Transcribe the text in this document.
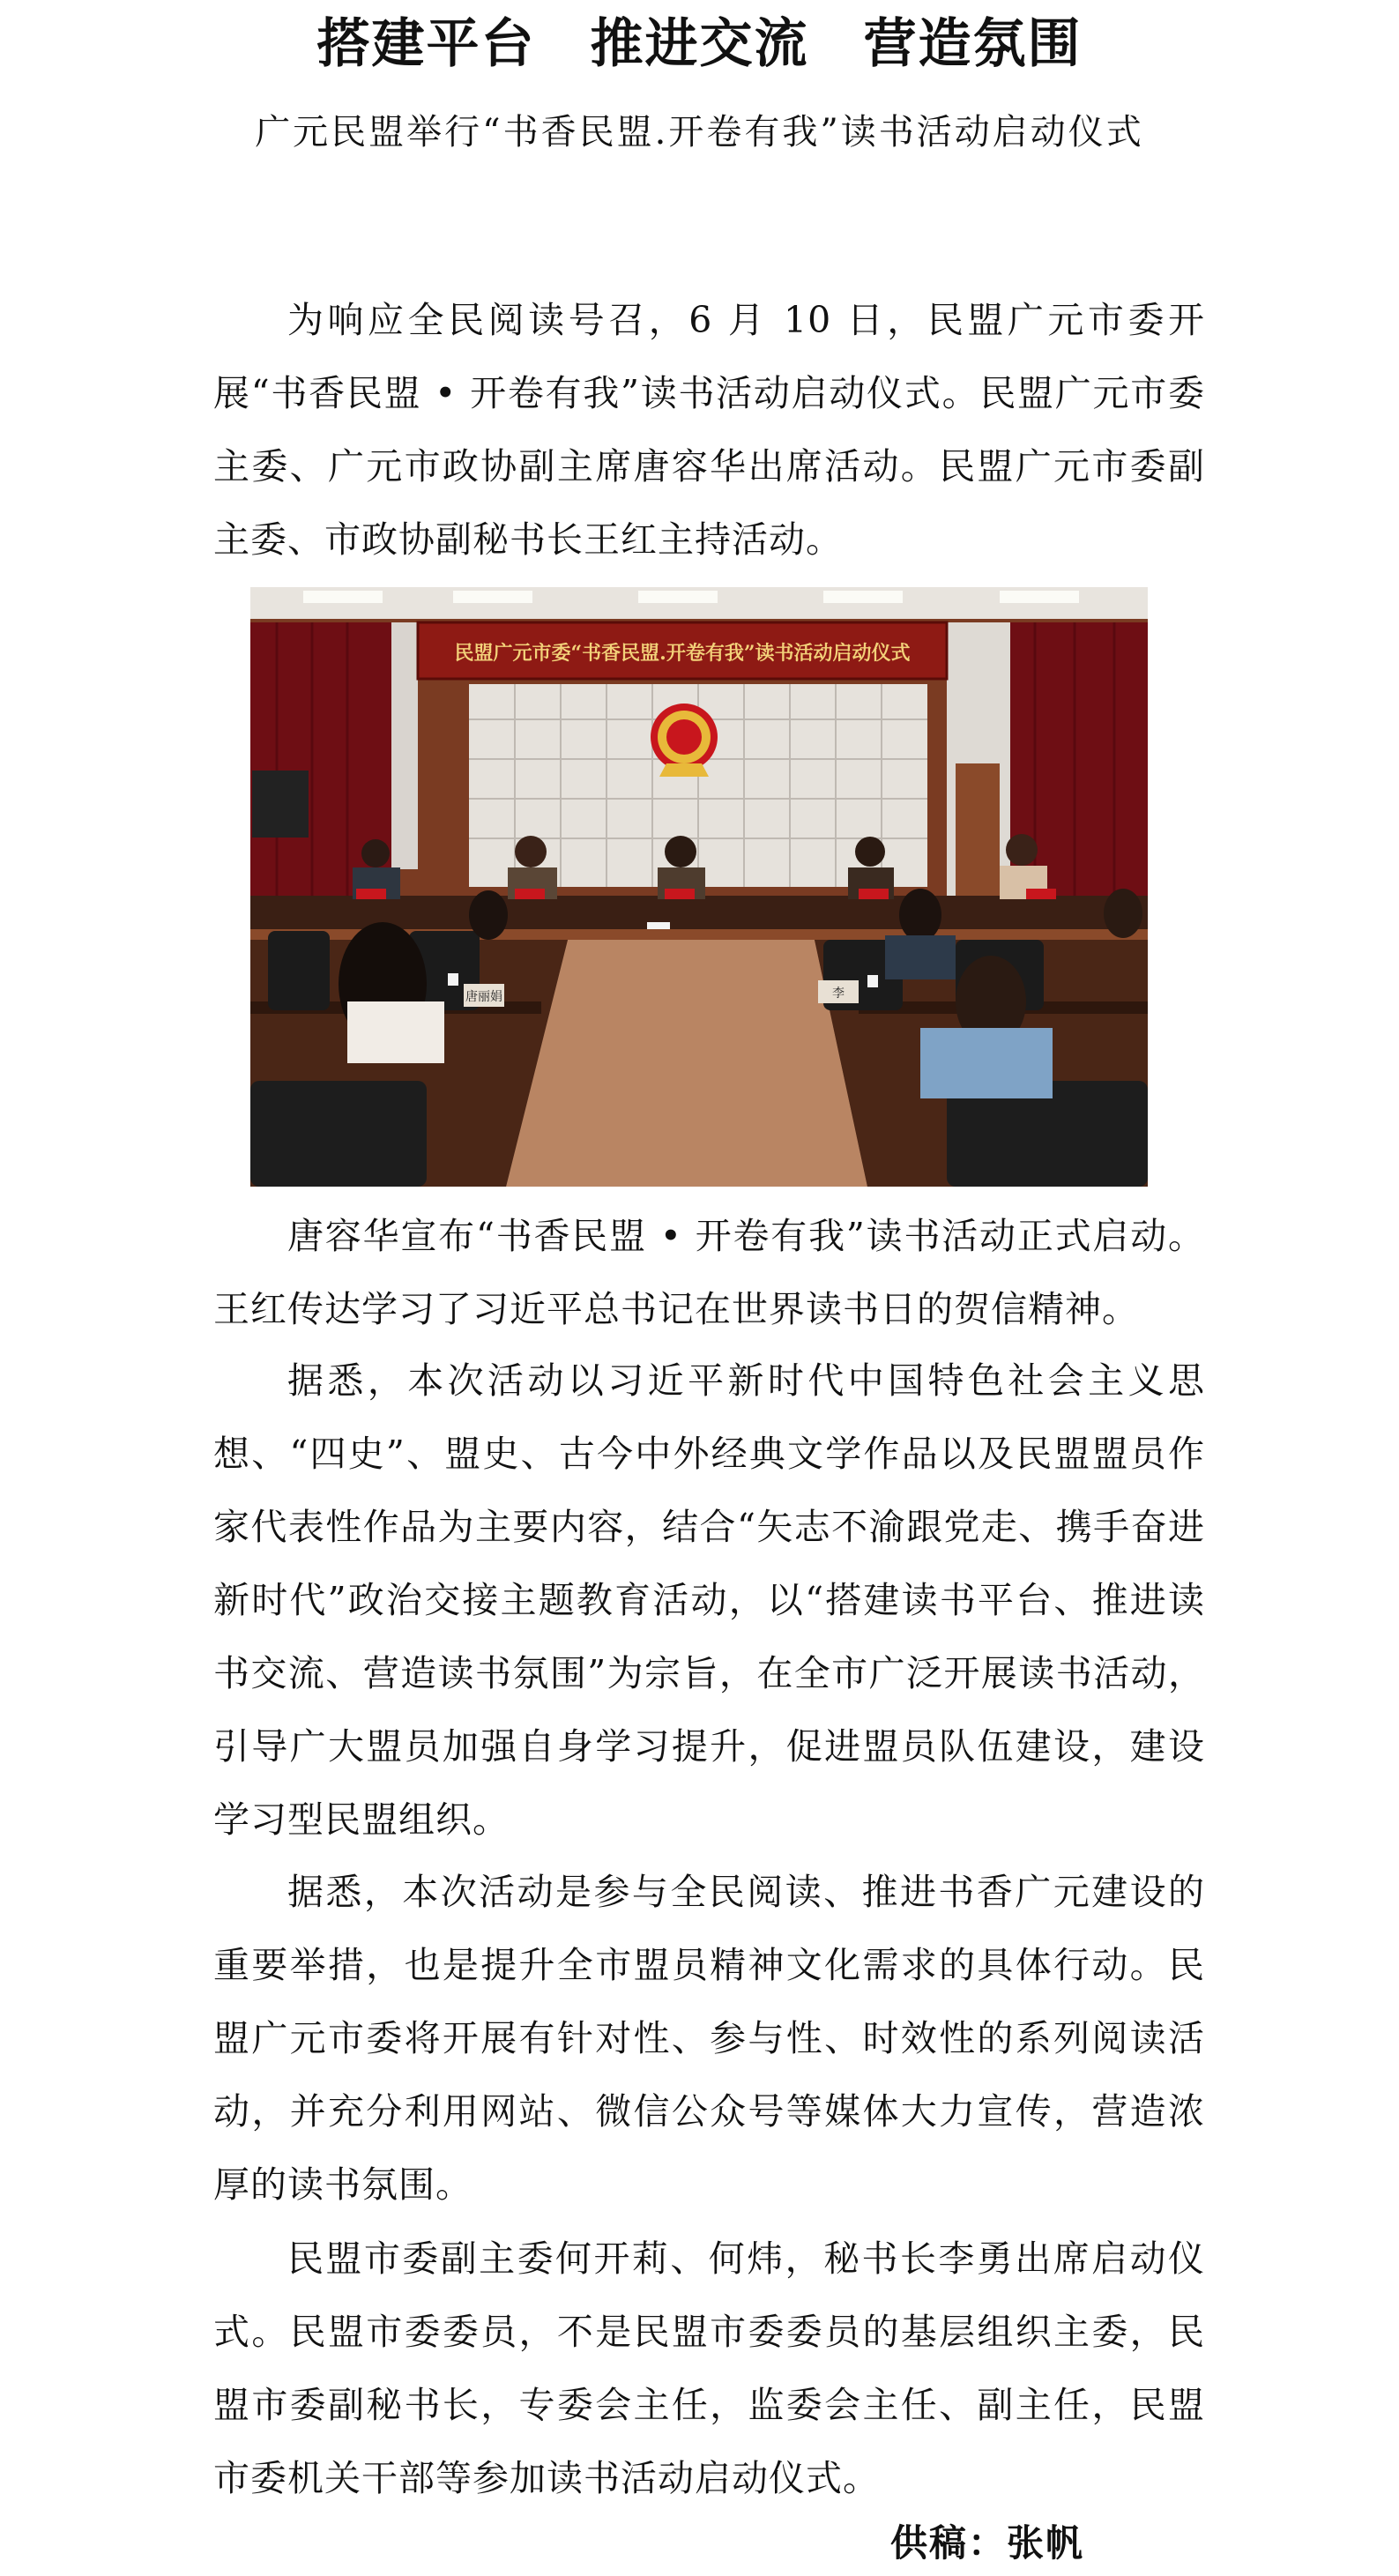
搭建平台　推进交流　营造氛围
广元民盟举行“书香民盟.开卷有我”读书活动启动仪式

为响应全民阅读号召，6 月 10 日，民盟广元市委开展“书香民盟 • 开卷有我”读书活动启动仪式。民盟广元市委主委、广元市政协副主席唐容华出席活动。民盟广元市委副主委、市政协副秘书长王红主持活动。

民盟广元市委“书香民盟.开卷有我”读书活动启动仪式
唐丽娟	李

唐容华宣布“书香民盟 • 开卷有我”读书活动正式启动。王红传达学习了习近平总书记在世界读书日的贺信精神。

据悉，本次活动以习近平新时代中国特色社会主义思想、“四史”、盟史、古今中外经典文学作品以及民盟盟员作家代表性作品为主要内容，结合“矢志不渝跟党走、携手奋进新时代”政治交接主题教育活动，以“搭建读书平台、推进读书交流、营造读书氛围”为宗旨，在全市广泛开展读书活动，引导广大盟员加强自身学习提升，促进盟员队伍建设，建设学习型民盟组织。

据悉，本次活动是参与全民阅读、推进书香广元建设的重要举措，也是提升全市盟员精神文化需求的具体行动。民盟广元市委将开展有针对性、参与性、时效性的系列阅读活动，并充分利用网站、微信公众号等媒体大力宣传，营造浓厚的读书氛围。

民盟市委副主委何开莉、何炜，秘书长李勇出席启动仪式。民盟市委委员，不是民盟市委委员的基层组织主委，民盟市委副秘书长，专委会主任，监委会主任、副主任，民盟市委机关干部等参加读书活动启动仪式。

供稿：张帆
